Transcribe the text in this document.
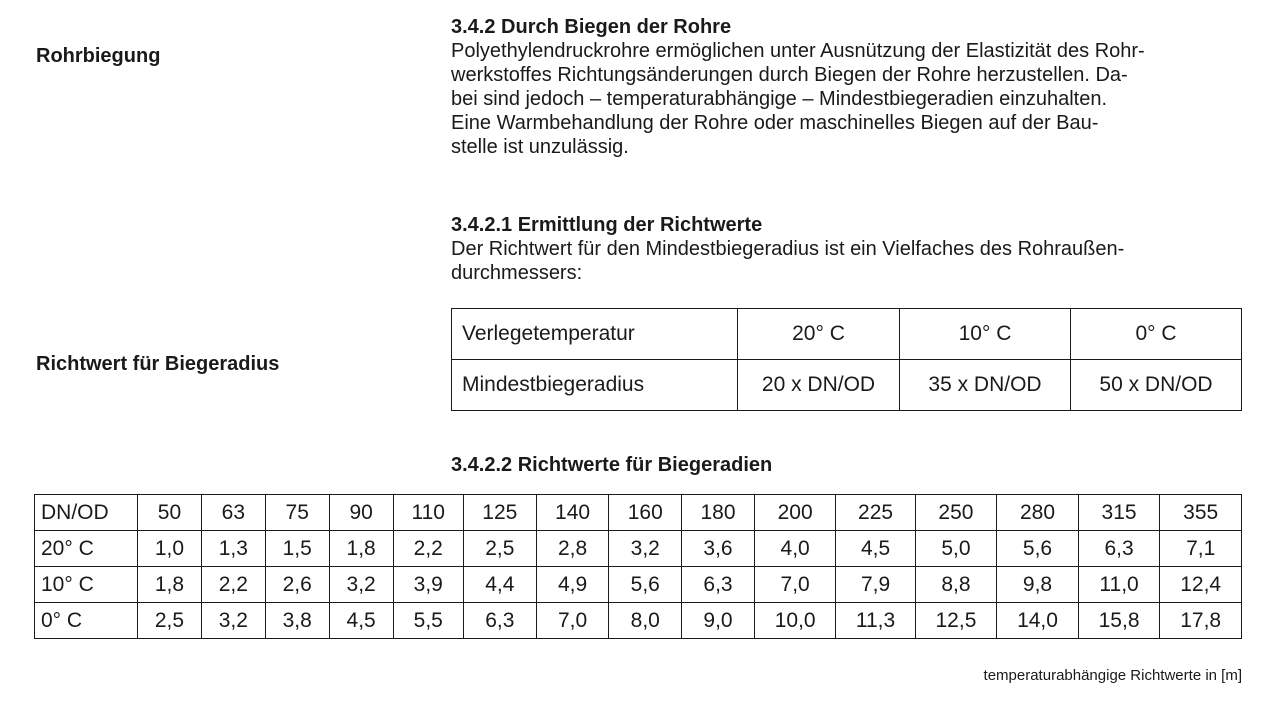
Rohrbiegung
Richtwert für Biegeradius
3.4.2 Durch Biegen der Rohre

Polyethylendruckrohre ermöglichen unter Ausnützung der Elastizität des Rohr-

werkstoffes Richtungsänderungen durch Biegen der Rohre herzustellen. Da-

bei sind jedoch – temperaturabhängige – Mindestbiegeradien einzuhalten.

Eine Warmbehandlung der Rohre oder maschinelles Biegen auf der Bau-

stelle ist unzulässig.

3.4.2.1 Ermittlung der Richtwerte

Der Richtwert für den Mindestbiegeradius ist ein Vielfaches des Rohraußen-

durchmessers:

Verlegetemperatur	20° C	10° C	0° C
Mindestbiegeradius	20 x DN/OD	35 x DN/OD	50 x DN/OD
3.4.2.2 Richtwerte für Biegeradien
DN/OD	50	63	75	90	110	125	140	160	180	200	225	250	280	315	355
20° C	1,0	1,3	1,5	1,8	2,2	2,5	2,8	3,2	3,6	4,0	4,5	5,0	5,6	6,3	7,1
10° C	1,8	2,2	2,6	3,2	3,9	4,4	4,9	5,6	6,3	7,0	7,9	8,8	9,8	11,0	12,4
0° C	2,5	3,2	3,8	4,5	5,5	6,3	7,0	8,0	9,0	10,0	11,3	12,5	14,0	15,8	17,8

temperaturabhängige Richtwerte in [m]
